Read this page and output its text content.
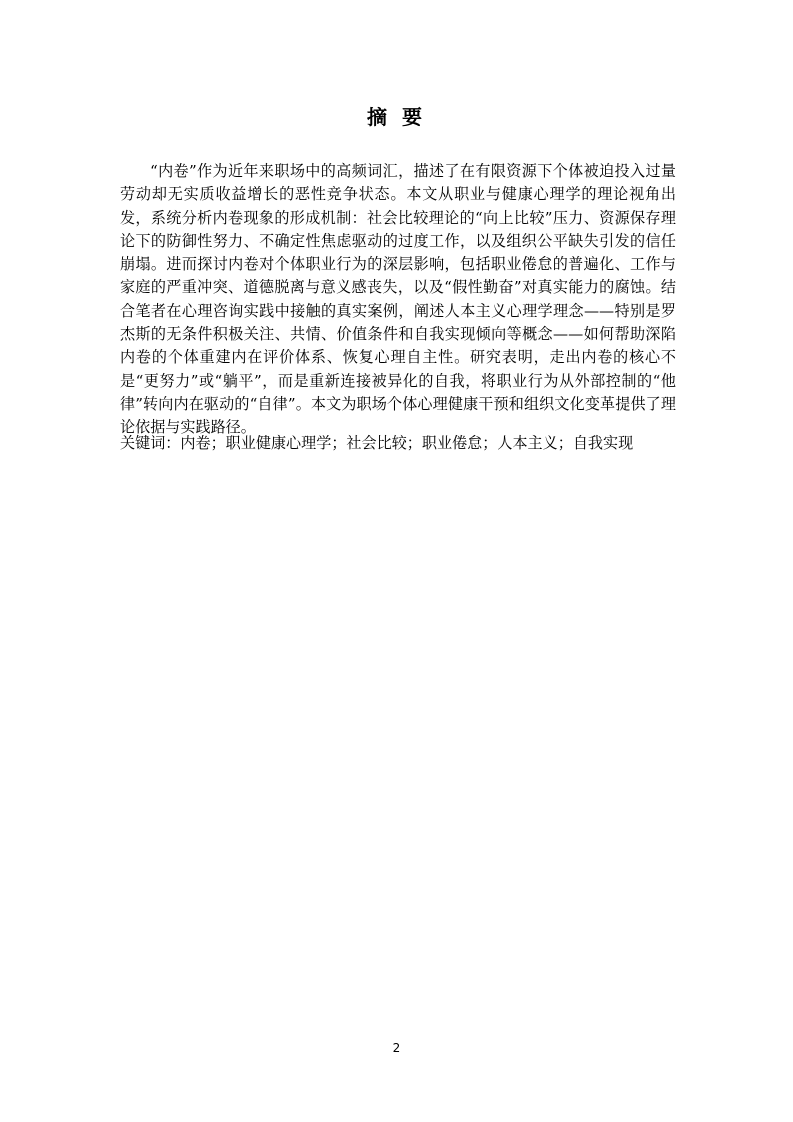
摘 要

“内卷”作为近年来职场中的高频词汇，描述了在有限资源下个体被迫投入过量劳动却无实质收益增长的恶性竞争状态。本文从职业与健康心理学的理论视角出发，系统分析内卷现象的形成机制：社会比较理论的“向上比较”压力、资源保存理论下的防御性努力、不确定性焦虑驱动的过度工作，以及组织公平缺失引发的信任崩塌。进而探讨内卷对个体职业行为的深层影响，包括职业倦怠的普遍化、工作与家庭的严重冲突、道德脱离与意义感丧失，以及“假性勤奋”对真实能力的腐蚀。结合笔者在心理咨询实践中接触的真实案例，阐述人本主义心理学理念——特别是罗杰斯的无条件积极关注、共情、价值条件和自我实现倾向等概念——如何帮助深陷内卷的个体重建内在评价体系、恢复心理自主性。研究表明，走出内卷的核心不是“更努力”或“躺平”，而是重新连接被异化的自我，将职业行为从外部控制的“他律”转向内在驱动的“自律”。本文为职场个体心理健康干预和组织文化变革提供了理论依据与实践路径。

关键词：内卷；职业健康心理学；社会比较；职业倦怠；人本主义；自我实现

2
